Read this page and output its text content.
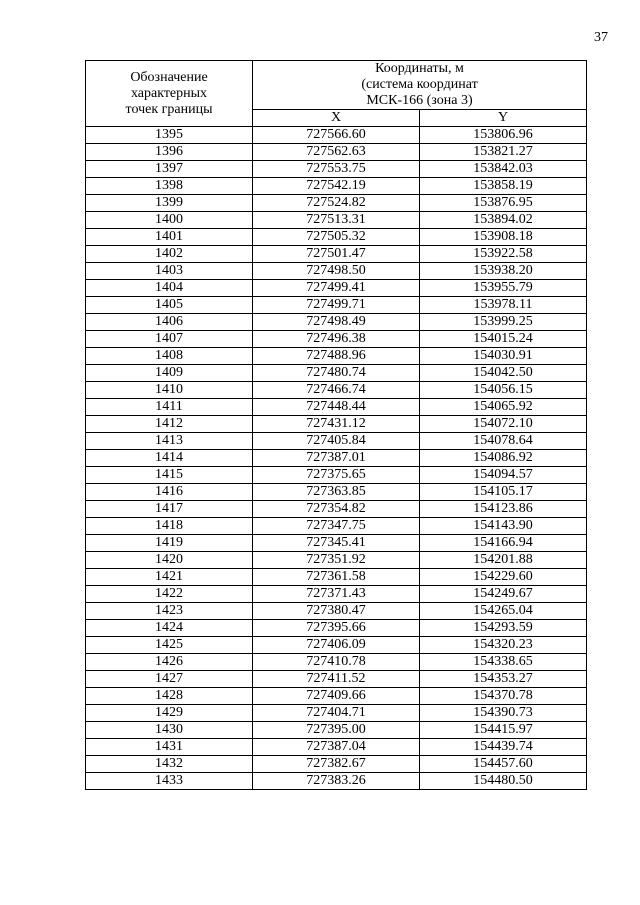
37
Обозначение
характерных
точек границы	Координаты, м
(система координат
МСК-166 (зона 3)	

	X	Y
1395	727566.60	153806.96
1396	727562.63	153821.27
1397	727553.75	153842.03
1398	727542.19	153858.19
1399	727524.82	153876.95
1400	727513.31	153894.02
1401	727505.32	153908.18
1402	727501.47	153922.58
1403	727498.50	153938.20
1404	727499.41	153955.79
1405	727499.71	153978.11
1406	727498.49	153999.25
1407	727496.38	154015.24
1408	727488.96	154030.91
1409	727480.74	154042.50
1410	727466.74	154056.15
1411	727448.44	154065.92
1412	727431.12	154072.10
1413	727405.84	154078.64
1414	727387.01	154086.92
1415	727375.65	154094.57
1416	727363.85	154105.17
1417	727354.82	154123.86
1418	727347.75	154143.90
1419	727345.41	154166.94
1420	727351.92	154201.88
1421	727361.58	154229.60
1422	727371.43	154249.67
1423	727380.47	154265.04
1424	727395.66	154293.59
1425	727406.09	154320.23
1426	727410.78	154338.65
1427	727411.52	154353.27
1428	727409.66	154370.78
1429	727404.71	154390.73
1430	727395.00	154415.97
1431	727387.04	154439.74
1432	727382.67	154457.60
1433	727383.26	154480.50
